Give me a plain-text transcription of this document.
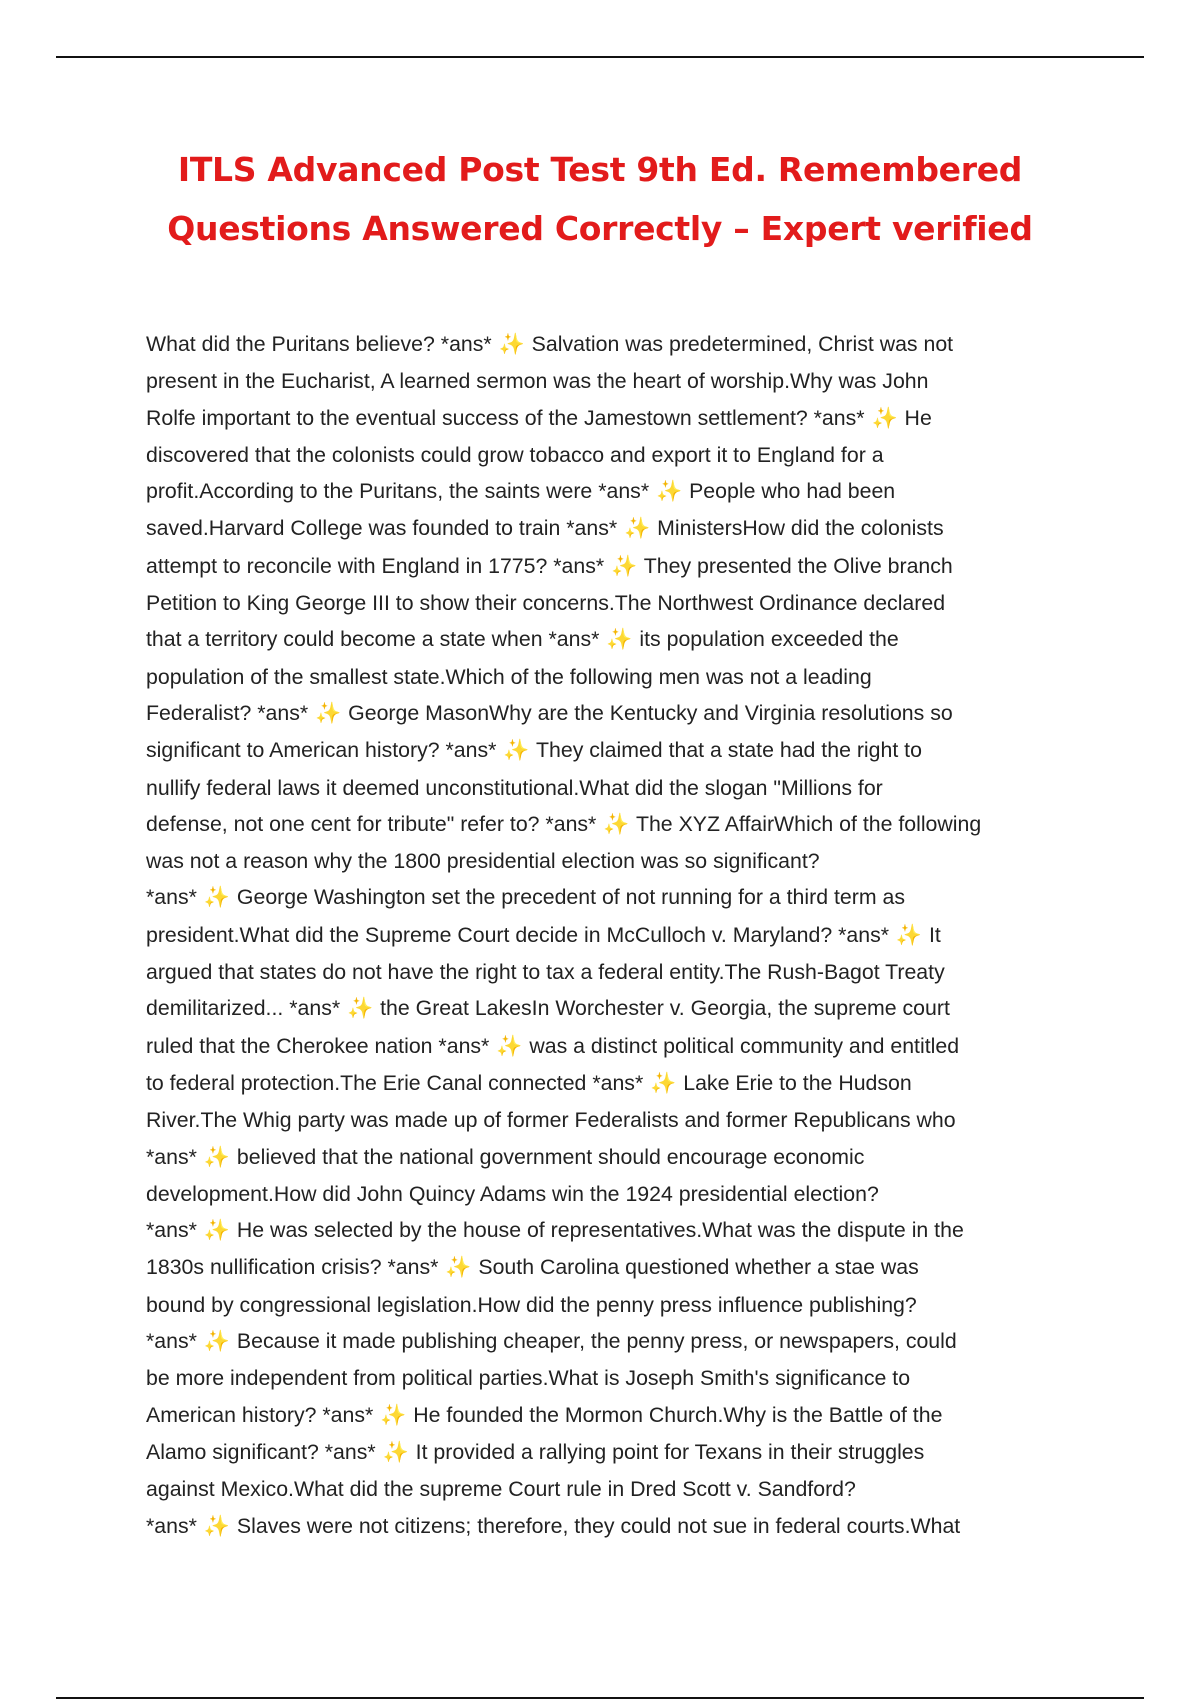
ITLS Advanced Post Test 9th Ed. Remembered
Questions Answered Correctly – Expert verified
What did the Puritans believe? *ans* ✨ Salvation was predetermined, Christ was not
present in the Eucharist, A learned sermon was the heart of worship.Why was John
Rolfe important to the eventual success of the Jamestown settlement? *ans* ✨ He
discovered that the colonists could grow tobacco and export it to England for a
profit.According to the Puritans, the saints were *ans* ✨ People who had been
saved.Harvard College was founded to train *ans* ✨ MinistersHow did the colonists
attempt to reconcile with England in 1775? *ans* ✨ They presented the Olive branch
Petition to King George III to show their concerns.The Northwest Ordinance declared
that a territory could become a state when *ans* ✨ its population exceeded the
population of the smallest state.Which of the following men was not a leading
Federalist? *ans* ✨ George MasonWhy are the Kentucky and Virginia resolutions so
significant to American history? *ans* ✨ They claimed that a state had the right to
nullify federal laws it deemed unconstitutional.What did the slogan "Millions for
defense, not one cent for tribute" refer to? *ans* ✨ The XYZ AffairWhich of the following
was not a reason why the 1800 presidential election was so significant?
*ans* ✨ George Washington set the precedent of not running for a third term as
president.What did the Supreme Court decide in McCulloch v. Maryland? *ans* ✨ It
argued that states do not have the right to tax a federal entity.The Rush-Bagot Treaty
demilitarized... *ans* ✨ the Great LakesIn Worchester v. Georgia, the supreme court
ruled that the Cherokee nation *ans* ✨ was a distinct political community and entitled
to federal protection.The Erie Canal connected *ans* ✨ Lake Erie to the Hudson
River.The Whig party was made up of former Federalists and former Republicans who
*ans* ✨ believed that the national government should encourage economic
development.How did John Quincy Adams win the 1924 presidential election?
*ans* ✨ He was selected by the house of representatives.What was the dispute in the
1830s nullification crisis? *ans* ✨ South Carolina questioned whether a stae was
bound by congressional legislation.How did the penny press influence publishing?
*ans* ✨ Because it made publishing cheaper, the penny press, or newspapers, could
be more independent from political parties.What is Joseph Smith's significance to
American history? *ans* ✨ He founded the Mormon Church.Why is the Battle of the
Alamo significant? *ans* ✨ It provided a rallying point for Texans in their struggles
against Mexico.What did the supreme Court rule in Dred Scott v. Sandford?
*ans* ✨ Slaves were not citizens; therefore, they could not sue in federal courts.What
